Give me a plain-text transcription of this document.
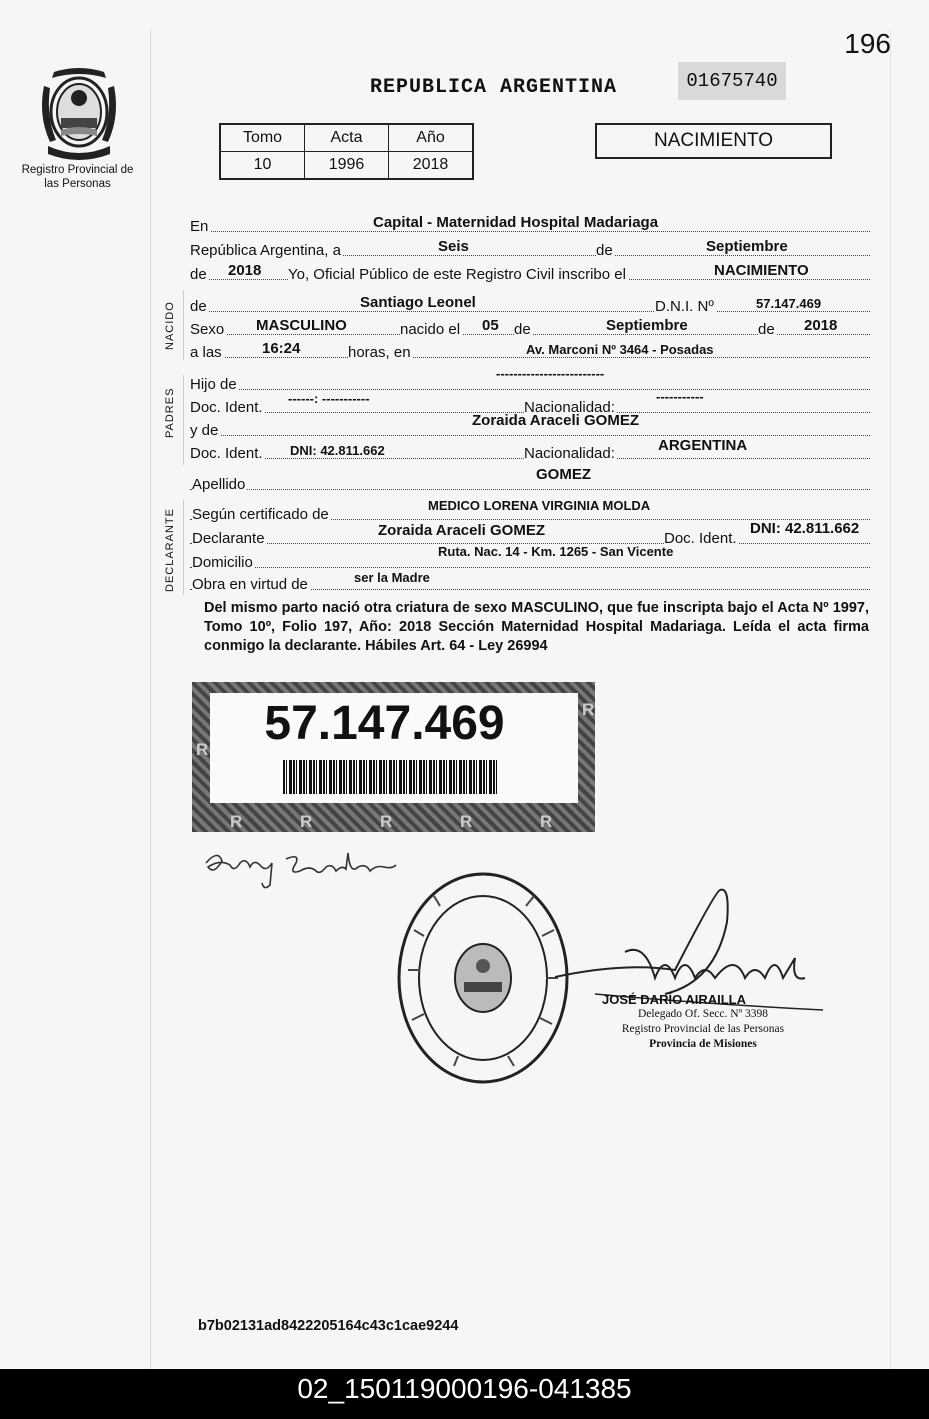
196
Registro Provincial de las Personas
REPUBLICA ARGENTINA	01675740
Tomo	Acta	Año
10	1996	2018
NACIMIENTO
NACIDO
PADRES
DECLARANTE
En	Capital - Maternidad Hospital Madariaga
República Argentina, a	Seis	de	Septiembre
de 2018 Yo, Oficial Público de este Registro Civil inscribo el	NACIMIENTO
de	Santiago Leonel	D.N.I. Nº	57.147.469
Sexo MASCULINO	nacido el 05 de	Septiembre	de 2018
a las	16:24	horas, en	Av. Marconi Nº 3464 - Posadas
Hijo de
-------------------------
Doc. Ident.
------: -----------
Nacionalidad:
-----------
y de
Zoraida Araceli GOMEZ
Doc. Ident. DNI: 42.811.662	Nacionalidad:	ARGENTINA
Apellido
GOMEZ
Según certificado de
MEDICO LORENA VIRGINIA MOLDA
Declarante	Zoraida Araceli GOMEZ	Doc. Ident.
DNI: 42.811.662
Domicilio
Ruta. Nac. 14 - Km. 1265 - San Vicente
Obra en virtud de	ser la Madre
Del mismo parto nació otra criatura de sexo MASCULINO, que fue inscripta bajo el Acta Nº 1997, Tomo 10º, Folio 197, Año: 2018 Sección Maternidad Hospital Madariaga. Leída el acta firma conmigo la declarante. Hábiles Art. 64 - Ley 26994
R
R
R	R	R	R	R
57.147.469
JOSÉ DARÍO AIRAILLA
Delegado Of. Secc. Nº 3398
Registro Provincial de las Personas
Provincia de Misiones
b7b02131ad8422205164c43c1cae9244
02_150119000196-041385
